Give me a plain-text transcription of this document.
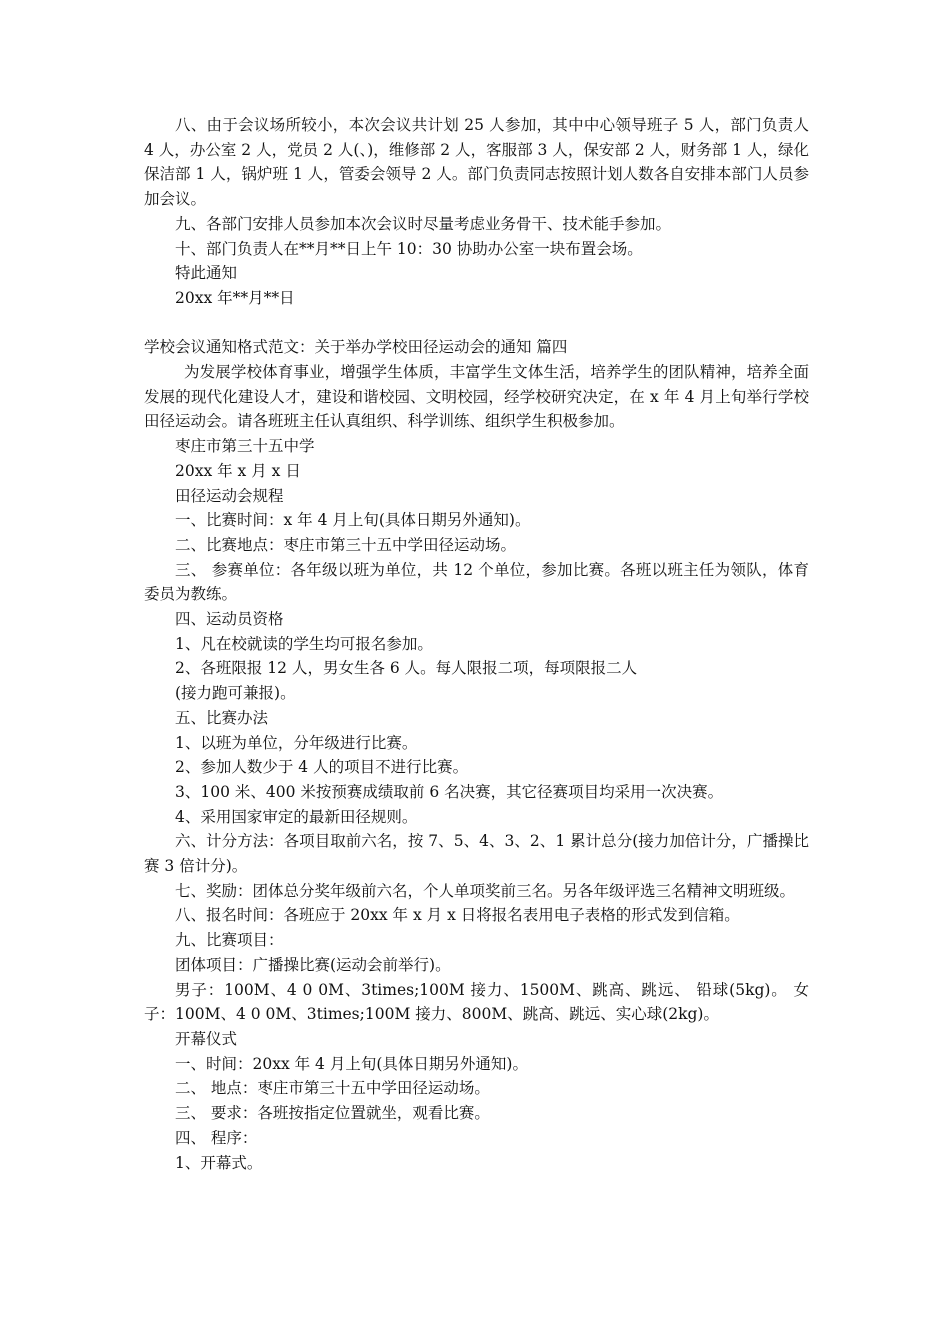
八、由于会议场所较小，本次会议共计划 25 人参加，其中中心领导班子 5 人，部门负责人 4 人，办公室 2 人，党员 2 人(、)，维修部 2 人，客服部 3 人，保安部 2 人，财务部 1 人，绿化保洁部 1 人，锅炉班 1 人，管委会领导 2 人。部门负责同志按照计划人数各自安排本部门人员参加会议。

九、各部门安排人员参加本次会议时尽量考虑业务骨干、技术能手参加。

十、部门负责人在**月**日上午 10：30 协助办公室一块布置会场。

特此通知

20xx 年**月**日

学校会议通知格式范文：关于举办学校田径运动会的通知 篇四

为发展学校体育事业，增强学生体质，丰富学生文体生活，培养学生的团队精神，培养全面发展的现代化建设人才，建设和谐校园、文明校园，经学校研究决定，在 x 年 4 月上旬举行学校田径运动会。请各班班主任认真组织、科学训练、组织学生积极参加。

枣庄市第三十五中学

20xx 年 x 月 x 日

田径运动会规程

一、比赛时间：x 年 4 月上旬(具体日期另外通知)。

二、比赛地点：枣庄市第三十五中学田径运动场。

三、 参赛单位：各年级以班为单位，共 12 个单位，参加比赛。各班以班主任为领队，体育委员为教练。

四、运动员资格

1、凡在校就读的学生均可报名参加。

2、各班限报 12 人，男女生各 6 人。每人限报二项，每项限报二人

(接力跑可兼报)。

五、比赛办法

1、以班为单位，分年级进行比赛。

2、参加人数少于 4 人的项目不进行比赛。

3、100 米、400 米按预赛成绩取前 6 名决赛，其它径赛项目均采用一次决赛。

4、采用国家审定的最新田径规则。

六、计分方法：各项目取前六名，按 7、5、4、3、2、1 累计总分(接力加倍计分，广播操比赛 3 倍计分)。

七、奖励：团体总分奖年级前六名，个人单项奖前三名。另各年级评选三名精神文明班级。

八、报名时间：各班应于 20xx 年 x 月 x 日将报名表用电子表格的形式发到信箱。

九、比赛项目：

团体项目：广播操比赛(运动会前举行)。

男子：100M、4 0 0M、3times;100M 接力、1500M、跳高、跳远、 铅球(5kg)。 女子：100M、4 0 0M、3times;100M 接力、800M、跳高、跳远、实心球(2kg)。

开幕仪式

一、时间：20xx 年 4 月上旬(具体日期另外通知)。

二、 地点：枣庄市第三十五中学田径运动场。

三、 要求：各班按指定位置就坐，观看比赛。

四、 程序：

1、开幕式。
